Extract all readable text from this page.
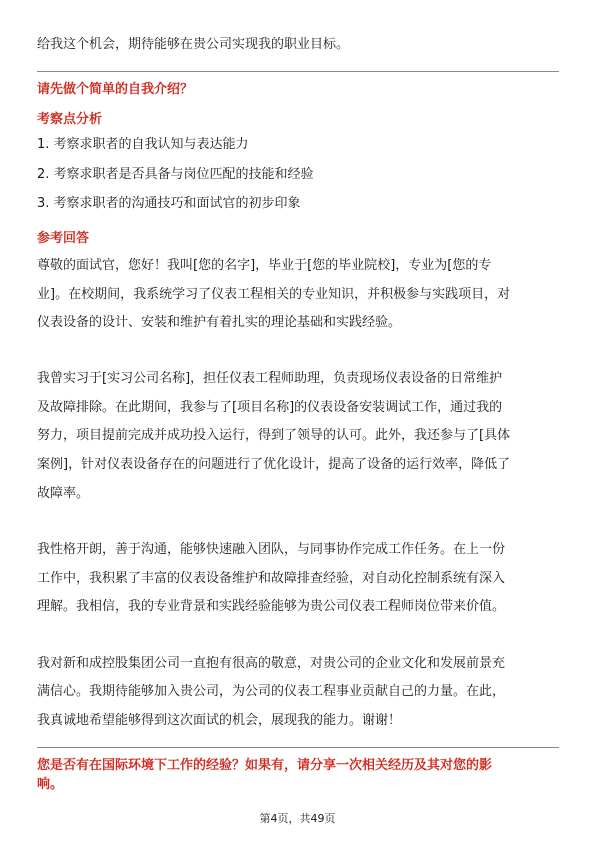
给我这个机会，期待能够在贵公司实现我的职业目标。
请先做个简单的自我介绍？
考察点分析
1. 考察求职者的自我认知与表达能力
2. 考察求职者是否具备与岗位匹配的技能和经验
3. 考察求职者的沟通技巧和面试官的初步印象
参考回答
尊敬的面试官，您好！我叫[您的名字]，毕业于[您的毕业院校]，专业为[您的专
业]。在校期间，我系统学习了仪表工程相关的专业知识，并积极参与实践项目，对
仪表设备的设计、安装和维护有着扎实的理论基础和实践经验。
我曾实习于[实习公司名称]，担任仪表工程师助理，负责现场仪表设备的日常维护
及故障排除。在此期间，我参与了[项目名称]的仪表设备安装调试工作，通过我的
努力，项目提前完成并成功投入运行，得到了领导的认可。此外，我还参与了[具体
案例]，针对仪表设备存在的问题进行了优化设计，提高了设备的运行效率，降低了
故障率。
我性格开朗，善于沟通，能够快速融入团队，与同事协作完成工作任务。在上一份
工作中，我积累了丰富的仪表设备维护和故障排查经验，对自动化控制系统有深入
理解。我相信，我的专业背景和实践经验能够为贵公司仪表工程师岗位带来价值。
我对新和成控股集团公司一直抱有很高的敬意，对贵公司的企业文化和发展前景充
满信心。我期待能够加入贵公司，为公司的仪表工程事业贡献自己的力量。在此，
我真诚地希望能够得到这次面试的机会，展现我的能力。谢谢！
您是否有在国际环境下工作的经验？如果有，请分享一次相关经历及其对您的影
响。
第4页，共49页
